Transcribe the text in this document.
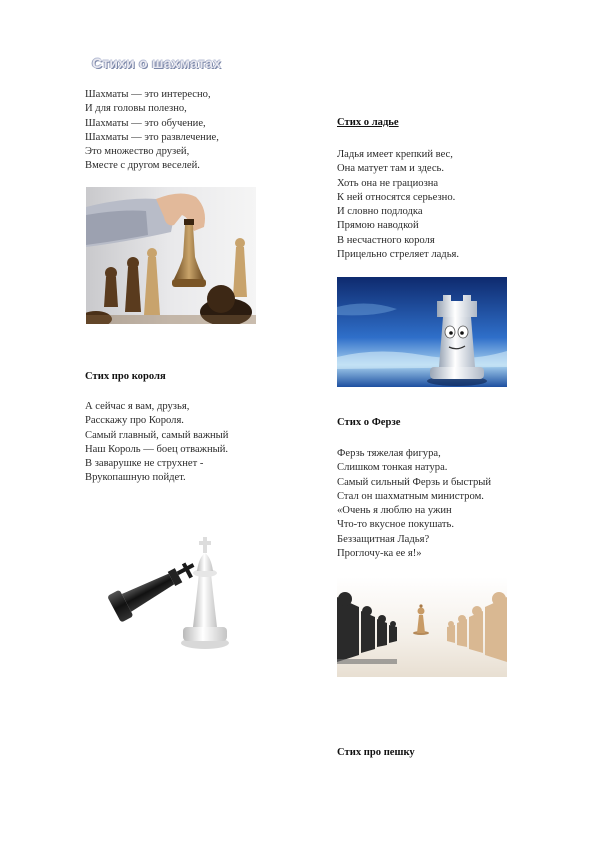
Стихи о шахматах
Шахматы — это интересно,
И для головы полезно,
Шахматы — это обучение,
Шахматы — это развлечение,
Это множество друзей,
Вместе с другом веселей.
Стих про короля
А сейчас я вам, друзья,
Расскажу про Короля.
Самый главный, самый важный
Наш Король — боец отважный.
В заварушке не струхнет -
Врукопашную пойдет.
Стих о ладье
Ладья имеет крепкий вес,
Она матует там и здесь.
Хоть она не грациозна
К ней относятся серьезно.
И словно подлодка
Прямою наводкой
В несчастного короля
Прицельно стреляет ладья.
Стих о Ферзе
Ферзь тяжелая фигура,
Слишком тонкая натура.
Самый сильный Ферзь и быстрый
Стал он шахматным министром.
«Очень я люблю на ужин
Что-то вкусное покушать.
Беззащитная Ладья?
Проглочу-ка ее я!»
Стих про пешку
